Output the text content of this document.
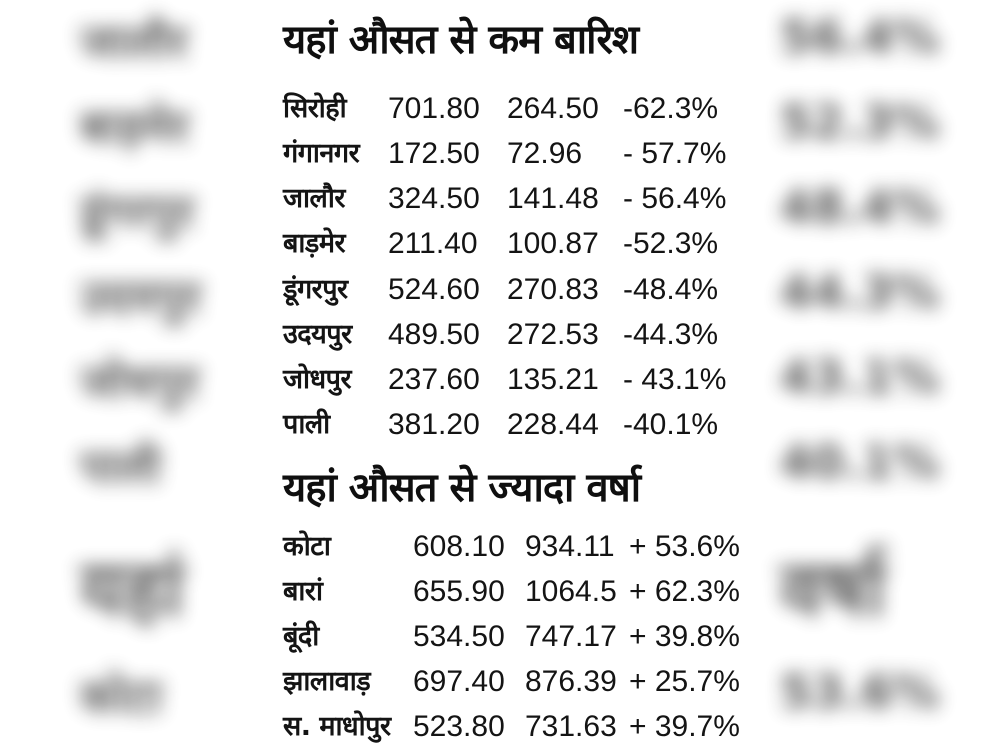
जालौर
बाड़मेर
डूंगरपुर
उदयपुर
जोधपुर
पाली
यहां
कोटा
56.4%
52.3%
48.4%
44.3%
43.1%
40.1%
वर्षा
53.6%
यहां औसत से कम बारिश
सिरोही 701.80 264.50 -62.3%
गंगानगर 172.50 72.96 - 57.7%
जालौर 324.50 141.48 - 56.4%
बाड़मेर 211.40 100.87 -52.3%
डूंगरपुर 524.60 270.83 -48.4%
उदयपुर 489.50 272.53 -44.3%
जोधपुर 237.60 135.21 - 43.1%
पाली 381.20 228.44 -40.1%
यहां औसत से ज्यादा वर्षा
कोटा	608.10 934.11 + 53.6%
बारां	655.90 1064.5 + 62.3%
बूंदी	534.50 747.17 + 39.8%
झालावाड़ 697.40 876.39 + 25.7%
स. माधोपुर 523.80 731.63 + 39.7%
